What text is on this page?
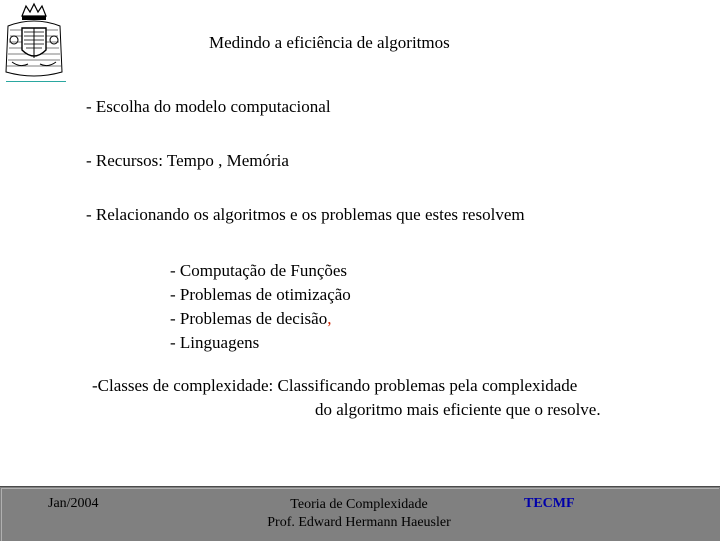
Medindo a eficiência de algoritmos
- Escolha do modelo computacional
- Recursos: Tempo , Memória
- Relacionando os algoritmos e os problemas que estes resolvem
- Computação de Funções
- Problemas de otimização
- Problemas de decisão,
- Linguagens
-Classes de complexidade: Classificando problemas pela complexidade
do algoritmo mais eficiente que o resolve.
Jan/2004	Teoria de Complexidade
Prof. Edward Hermann Haeusler
TECMF
